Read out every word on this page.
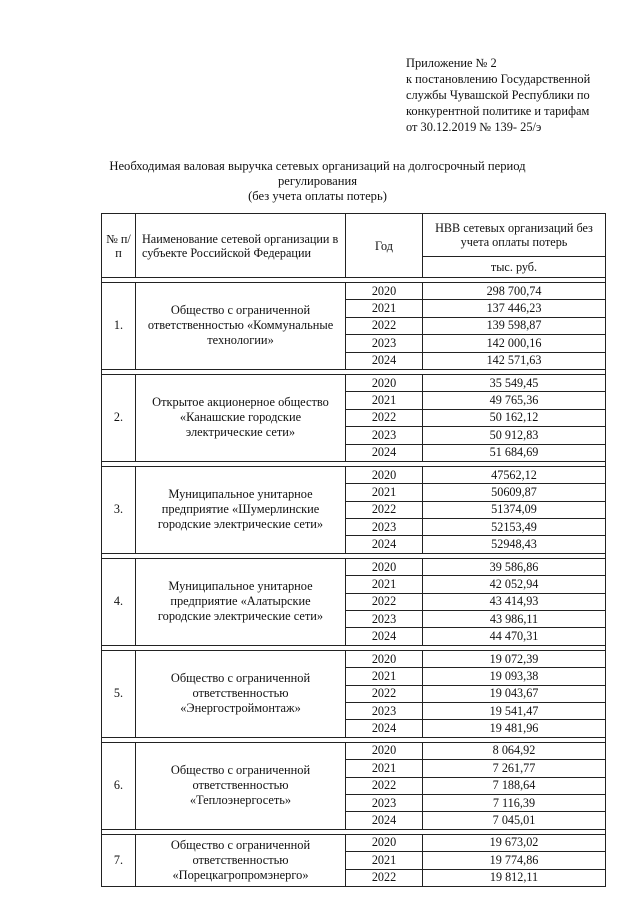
Приложение № 2
к постановлению Государственной
службы Чувашской Республики по
конкурентной политике и тарифам
от 30.12.2019 № 139- 25/э
Необходимая валовая выручка сетевых организаций на долгосрочный период
регулирования
(без учета оплаты потерь)
№ п/п	Наименование сетевой организации в субъекте Российской Федерации	Год	НВВ сетевых организаций без учета оплаты потерь
			тыс. руб.

1.	Общество с ограниченной ответственностью «Коммунальные технологии»	2020	298 700,74
		2021	137 446,23
		2022	139 598,87
		2023	142 000,16
		2024	142 571,63

2.	Открытое акционерное общество «Канашские городские электрические сети»	2020	35 549,45
		2021	49 765,36
		2022	50 162,12
		2023	50 912,83
		2024	51 684,69

3.	Муниципальное унитарное предприятие «Шумерлинские городские электрические сети»	2020	47562,12
		2021	50609,87
		2022	51374,09
		2023	52153,49
		2024	52948,43

4.	Муниципальное унитарное предприятие «Алатырские городские электрические сети»	2020	39 586,86
		2021	42 052,94
		2022	43 414,93
		2023	43 986,11
		2024	44 470,31

5.	Общество с ограниченной ответственностью «Энергостроймонтаж»	2020	19 072,39
		2021	19 093,38
		2022	19 043,67
		2023	19 541,47
		2024	19 481,96

6.	Общество с ограниченной ответственностью «Теплоэнергосеть»	2020	8 064,92
		2021	7 261,77
		2022	7 188,64
		2023	7 116,39
		2024	7 045,01

7.	Общество с ограниченной ответственностью «Порецкагропромэнерго»	2020	19 673,02
		2021	19 774,86
		2022	19 812,11
